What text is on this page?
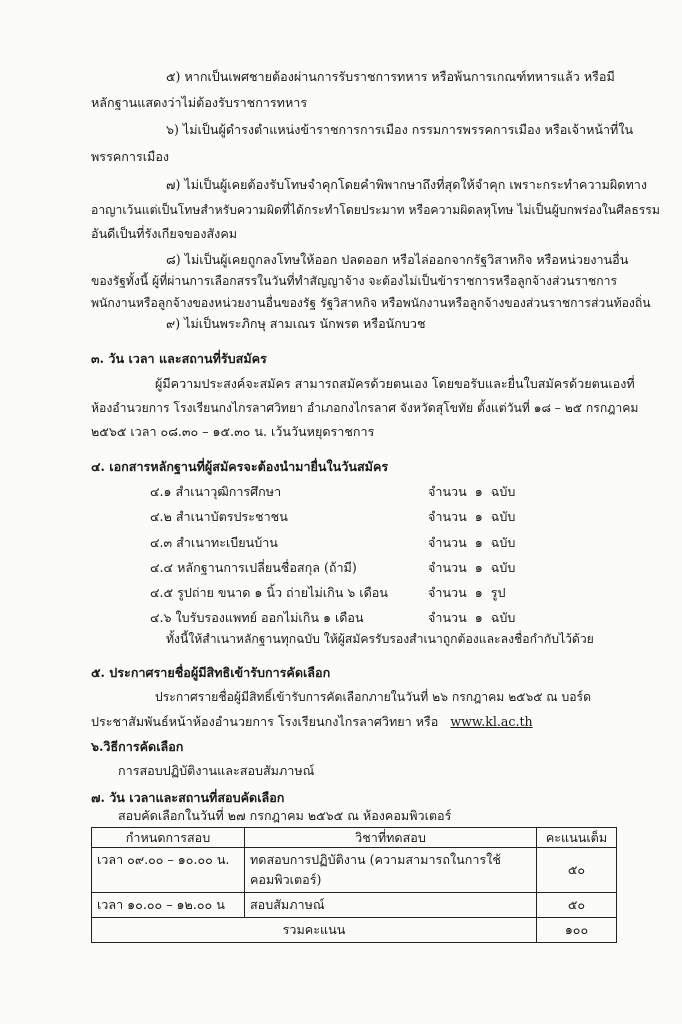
๕) หากเป็นเพศชายต้องผ่านการรับราชการทหาร หรือพ้นการเกณฑ์ทหารแล้ว หรือมี
หลักฐานแสดงว่าไม่ต้องรับราชการทหาร
๖) ไม่เป็นผู้ดำรงตำแหน่งข้าราชการการเมือง กรรมการพรรคการเมือง หรือเจ้าหน้าที่ใน
พรรคการเมือง
๗) ไม่เป็นผู้เคยต้องรับโทษจำคุกโดยคำพิพากษาถึงที่สุดให้จำคุก เพราะกระทำความผิดทาง
อาญาเว้นแต่เป็นโทษสำหรับความผิดที่ได้กระทำโดยประมาท หรือความผิดลหุโทษ ไม่เป็นผู้บกพร่องในศีลธรรม
อันดีเป็นที่รังเกียจของสังคม
๘) ไม่เป็นผู้เคยถูกลงโทษให้ออก ปลดออก หรือไล่ออกจากรัฐวิสาหกิจ หรือหน่วยงานอื่น
ของรัฐทั้งนี้ ผู้ที่ผ่านการเลือกสรรในวันที่ทำสัญญาจ้าง จะต้องไม่เป็นข้าราชการหรือลูกจ้างส่วนราชการ
พนักงานหรือลูกจ้างของหน่วยงานอื่นของรัฐ รัฐวิสาหกิจ หรือพนักงานหรือลูกจ้างของส่วนราชการส่วนท้องถิ่น
๙) ไม่เป็นพระภิกษุ สามเณร นักพรต หรือนักบวช
๓. วัน เวลา และสถานที่รับสมัคร
ผู้มีความประสงค์จะสมัคร สามารถสมัครด้วยตนเอง โดยขอรับและยื่นใบสมัครด้วยตนเองที่
ห้องอำนวยการ โรงเรียนกงไกรลาศวิทยา อำเภอกงไกรลาศ จังหวัดสุโขทัย ตั้งแต่วันที่ ๑๘ – ๒๕ กรกฎาคม
๒๕๖๕ เวลา ๐๘.๓๐ – ๑๕.๓๐ น. เว้นวันหยุดราชการ
๔. เอกสารหลักฐานที่ผู้สมัครจะต้องนำมายื่นในวันสมัคร
๔.๑ สำเนาวุฒิการศึกษา	จำนวน ๑ ฉบับ
๔.๒ สำเนาบัตรประชาชน	จำนวน ๑ ฉบับ
๔.๓ สำเนาทะเบียนบ้าน	จำนวน ๑ ฉบับ
๔.๔ หลักฐานการเปลี่ยนชื่อสกุล (ถ้ามี)	จำนวน ๑ ฉบับ
๔.๕ รูปถ่าย ขนาด ๑ นิ้ว ถ่ายไม่เกิน ๖ เดือน	จำนวน ๑ รูป
๔.๖ ใบรับรองแพทย์ ออกไม่เกิน ๑ เดือน	จำนวน ๑ ฉบับ
ทั้งนี้ให้สำเนาหลักฐานทุกฉบับ ให้ผู้สมัครรับรองสำเนาถูกต้องและลงชื่อกำกับไว้ด้วย
๕. ประกาศรายชื่อผู้มีสิทธิเข้ารับการคัดเลือก
ประกาศรายชื่อผู้มีสิทธิ์เข้ารับการคัดเลือกภายในวันที่ ๒๖ กรกฎาคม ๒๕๖๕ ณ บอร์ด
ประชาสัมพันธ์หน้าห้องอำนวยการ โรงเรียนกงไกรลาศวิทยา หรือ www.kl.ac.th
๖.วิธีการคัดเลือก
การสอบปฏิบัติงานและสอบสัมภาษณ์
๗. วัน เวลาและสถานที่สอบคัดเลือก
สอบคัดเลือกในวันที่ ๒๗ กรกฎาคม ๒๕๖๕ ณ ห้องคอมพิวเตอร์
กำหนดการสอบ	วิชาที่ทดสอบ	คะแนนเต็ม
เวลา ๐๙.๐๐ – ๑๐.๐๐ น.	ทดสอบการปฏิบัติงาน (ความสามารถในการใช้คอมพิวเตอร์)	๕๐
เวลา ๑๐.๐๐ – ๑๒.๐๐ น	สอบสัมภาษณ์	๕๐
รวมคะแนน		๑๐๐
